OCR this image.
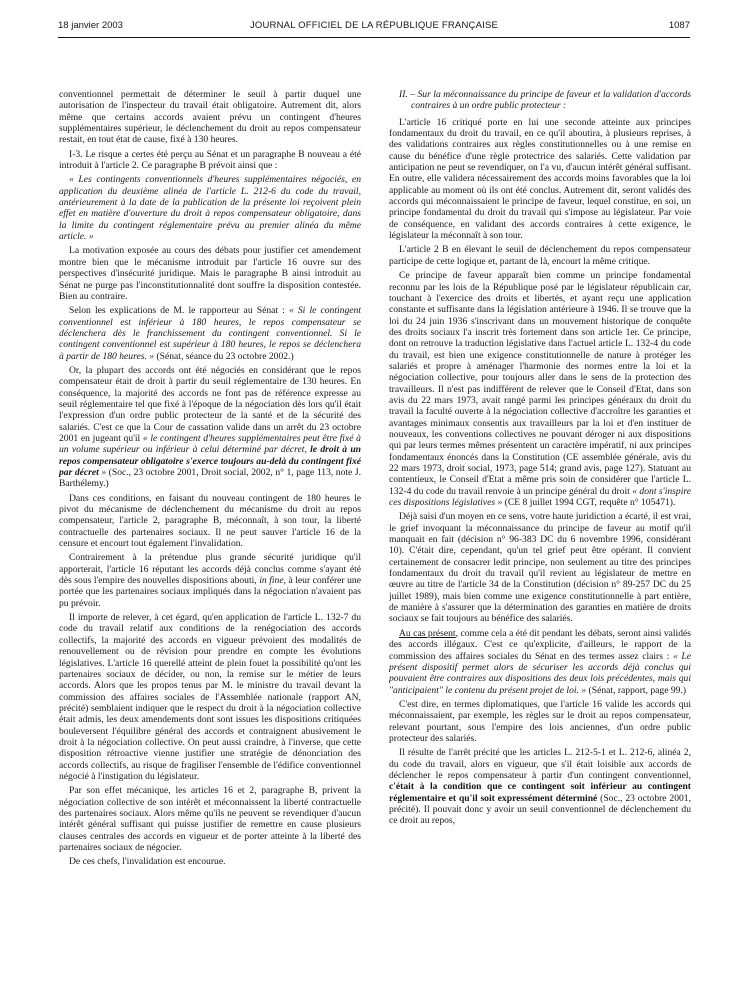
18 janvier 2003	JOURNAL OFFICIEL DE LA RÉPUBLIQUE FRANÇAISE	1087

conventionnel permettait de déterminer le seuil à partir duquel une autorisation de l'inspecteur du travail était obligatoire. Autrement dit, alors même que certains accords avaient prévu un contingent d'heures supplémentaires supérieur, le déclenchement du droit au repos compensateur restait, en tout état de cause, fixé à 130 heures.

I-3. Le risque a certes été perçu au Sénat et un paragraphe B nouveau a été introduit à l'article 2. Ce paragraphe B prévoit ainsi que :

« Les contingents conventionnels d'heures supplémentaires négociés, en application du deuxième alinéa de l'article L. 212-6 du code du travail, antérieurement à la date de la publication de la présente loi reçoivent plein effet en matière d'ouverture du droit à repos compensateur obligatoire, dans la limite du contingent réglementaire prévu au premier alinéa du même article. »

La motivation exposée au cours des débats pour justifier cet amendement montre bien que le mécanisme introduit par l'article 16 ouvre sur des perspectives d'insécurité juridique. Mais le paragraphe B ainsi introduit au Sénat ne purge pas l'inconstitutionnalité dont souffre la disposition contestée. Bien au contraire.

Selon les explications de M. le rapporteur au Sénat : « Si le contingent conventionnel est inférieur à 180 heures, le repos compensateur se déclenchera dès le franchissement du contingent conventionnel. Si le contingent conventionnel est supérieur à 180 heures, le repos se déclenchera à partir de 180 heures. » (Sénat, séance du 23 octobre 2002.)

Or, la plupart des accords ont été négociés en considérant que le repos compensateur était de droit à partir du seuil réglementaire de 130 heures. En conséquence, la majorité des accords ne font pas de référence expresse au seuil réglementaire tel que fixé à l'époque de la négociation dès lors qu'il était l'expression d'un ordre public protecteur de la santé et de la sécurité des salariés. C'est ce que la Cour de cassation valide dans un arrêt du 23 octobre 2001 en jugeant qu'il « le contingent d'heures supplémentaires peut être fixé à un volume supérieur ou inférieur à celui déterminé par décret, le droit à un repos compensateur obligatoire s'exerce toujours au-delà du contingent fixé par décret » (Soc., 23 octobre 2001, Droit social, 2002, n° 1, page 113, note J. Barthélemy.)

Dans ces conditions, en faisant du nouveau contingent de 180 heures le pivot du mécanisme de déclenchement du mécanisme du droit au repos compensateur, l'article 2, paragraphe B, méconnaît, à son tour, la liberté contractuelle des partenaires sociaux. Il ne peut sauver l'article 16 de la censure et encourt tout également l'invalidation.

Contrairement à la prétendue plus grande sécurité juridique qu'il apporterait, l'article 16 réputant les accords déjà conclus comme s'ayant été dès sous l'empire des nouvelles dispositions abouti, in fine, à leur conférer une portée que les partenaires sociaux impliqués dans la négociation n'avaient pas pu prévoir.

Il importe de relever, à cet égard, qu'en application de l'article L. 132-7 du code du travail relatif aux conditions de la renégociation des accords collectifs, la majorité des accords en vigueur prévoient des modalités de renouvellement ou de révision pour prendre en compte les évolutions législatives. L'article 16 querellé atteint de plein fouet la possibilité qu'ont les partenaires sociaux de décider, ou non, la remise sur le métier de leurs accords. Alors que les propos tenus par M. le ministre du travail devant la commission des affaires sociales de l'Assemblée nationale (rapport AN, précité) semblaient indiquer que le respect du droit à la négociation collective était admis, les deux amendements dont sont issues les dispositions critiquées bouleversent l'équilibre général des accords et contraignent abusivement le droit à la négociation collective. On peut aussi craindre, à l'inverse, que cette disposition rétroactive vienne justifier une stratégie de dénonciation des accords collectifs, au risque de fragiliser l'ensemble de l'édifice conventionnel négocié à l'instigation du législateur.

Par son effet mécanique, les articles 16 et 2, paragraphe B, privent la négociation collective de son intérêt et méconnaissent la liberté contractuelle des partenaires sociaux. Alors même qu'ils ne peuvent se revendiquer d'aucun intérêt général suffisant qui puisse justifier de remettre en cause plusieurs clauses centrales des accords en vigueur et de porter atteinte à la liberté des partenaires sociaux de négocier.

De ces chefs, l'invalidation est encourue.

II. – Sur la méconnaissance du principe de faveur et la validation d'accords contraires à un ordre public protecteur :

L'article 16 critiqué porte en lui une seconde atteinte aux principes fondamentaux du droit du travail, en ce qu'il aboutira, à plusieurs reprises, à des validations contraires aux règles constitutionnelles ou à une remise en cause du bénéfice d'une règle protectrice des salariés. Cette validation par anticipation ne peut se revendiquer, on l'a vu, d'aucun intérêt général suffisant. En outre, elle validera nécessairement des accords moins favorables que la loi applicable au moment où ils ont été conclus. Autrement dit, seront validés des accords qui méconnaissaient le principe de faveur, lequel constitue, en soi, un principe fondamental du droit du travail qui s'impose au législateur. Par voie de conséquence, en validant des accords contraires à cette exigence, le législateur la méconnaît à son tour.

L'article 2 B en élevant le seuil de déclenchement du repos compensateur participe de cette logique et, partant de là, encourt la même critique.

Ce principe de faveur apparaît bien comme un principe fondamental reconnu par les lois de la République posé par le législateur républicain car, touchant à l'exercice des droits et libertés, et ayant reçu une application constante et suffisante dans la législation antérieure à 1946. Il se trouve que la loi du 24 juin 1936 s'inscrivant dans un mouvement historique de conquête des droits sociaux l'a inscrit très fortement dans son article 1er. Ce principe, dont on retrouve la traduction législative dans l'actuel article L. 132-4 du code du travail, est bien une exigence constitutionnelle de nature à protéger les salariés et propre à aménager l'harmonie des normes entre la loi et la négociation collective, pour toujours aller dans le sens de la protection des travailleurs. Il n'est pas indifférent de relever que le Conseil d'Etat, dans son avis du 22 mars 1973, avait rangé parmi les principes généraux du droit du travail la faculté ouverte à la négociation collective d'accroître les garanties et avantages minimaux consentis aux travailleurs par la loi et d'en instituer de nouveaux, les conventions collectives ne pouvant déroger ni aux dispositions qui par leurs termes mêmes présentent un caractère impératif, ni aux principes fondamentaux énoncés dans la Constitution (CE assemblée générale, avis du 22 mars 1973, droit social, 1973, page 514; grand avis, page 127). Statuant au contentieux, le Conseil d'Etat a même pris soin de considérer que l'article L. 132-4 du code du travail renvoie à un principe général du droit « dont s'inspire ces dispositions législatives » (CE 8 juillet 1994 CGT, requête n° 105471).

Déjà saisi d'un moyen en ce sens, votre haute juridiction a écarté, il est vrai, le grief invoquant la méconnaissance du principe de faveur au motif qu'il manquait en fait (décision n° 96-383 DC du 6 novembre 1996, considérant 10). C'était dire, cependant, qu'un tel grief peut être opérant. Il convient certainement de consacrer ledit principe, non seulement au titre des principes fondamentaux du droit du travail qu'il revient au législateur de mettre en œuvre au titre de l'article 34 de la Constitution (décision n° 89-257 DC du 25 juillet 1989), mais bien comme une exigence constitutionnelle à part entière, de manière à s'assurer que la détermination des garanties en matière de droits sociaux se fait toujours au bénéfice des salariés.

Au cas présent, comme cela a été dit pendant les débats, seront ainsi validés des accords illégaux. C'est ce qu'explicite, d'ailleurs, le rapport de la commission des affaires sociales du Sénat en des termes assez clairs : « Le présent dispositif permet alors de sécuriser les accords déjà conclus qui pouvaient être contraires aux dispositions des deux lois précédentes, mais qui "anticipaient" le contenu du présent projet de loi. » (Sénat, rapport, page 99.)

C'est dire, en termes diplomatiques, que l'article 16 valide les accords qui méconnaissaient, par exemple, les règles sur le droit au repos compensateur, relevant pourtant, sous l'empire des lois anciennes, d'un ordre public protecteur des salariés.

Il résulte de l'arrêt précité que les articles L. 212-5-1 et L. 212-6, alinéa 2, du code du travail, alors en vigueur, que s'il était loisible aux accords de déclencher le repos compensateur à partir d'un contingent conventionnel, c'était à la condition que ce contingent soit inférieur au contingent réglementaire et qu'il soit expressément déterminé (Soc., 23 octobre 2001, précité). Il pouvait donc y avoir un seuil conventionnel de déclenchement du ce droit au repos,
